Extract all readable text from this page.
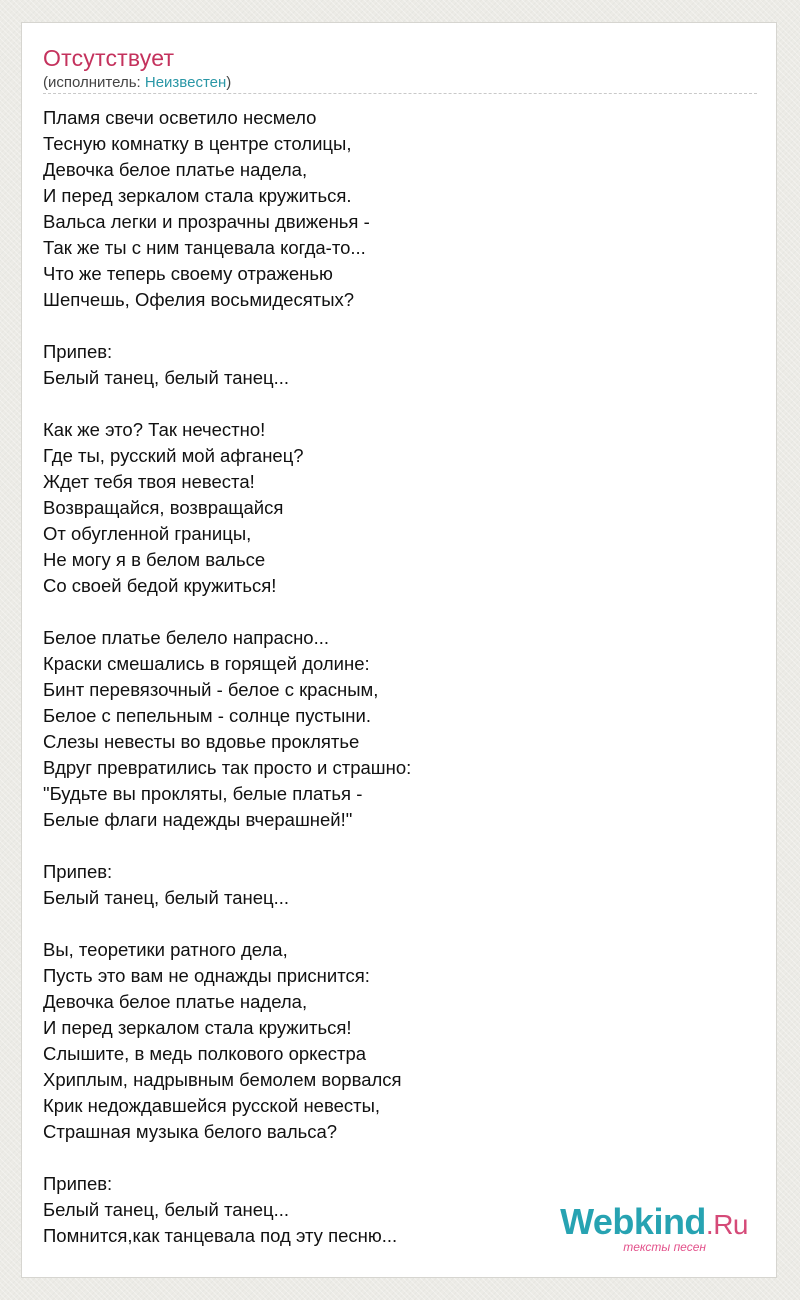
Отсутствует
(исполнитель: Неизвестен)
Пламя свечи осветило несмело
Тесную комнатку в центре столицы,
Девочка белое платье надела,
И перед зеркалом стала кружиться.
Вальса легки и прозрачны движенья -
Так же ты с ним танцевала когда-то...
Что же теперь своему отраженью
Шепчешь, Офелия восьмидесятых?
Припев:
Белый танец, белый танец...
Как же это? Так нечестно!
Где ты, русский мой афганец?
Ждет тебя твоя невеста!
Возвращайся, возвращайся
От обугленной границы,
Не могу я в белом вальсе
Со своей бедой кружиться!
Белое платье белело напрасно...
Краски смешались в горящей долине:
Бинт перевязочный - белое с красным,
Белое с пепельным - солнце пустыни.
Слезы невесты во вдовье проклятье
Вдруг превратились так просто и страшно:
"Будьте вы прокляты, белые платья -
Белые флаги надежды вчерашней!"
Припев:
Белый танец, белый танец...
Вы, теоретики ратного дела,
Пусть это вам не однажды приснится:
Девочка белое платье надела,
И перед зеркалом стала кружиться!
Слышите, в медь полкового оркестра
Хриплым, надрывным бемолем ворвался
Крик недождавшейся русской невесты,
Страшная музыка белого вальса?
Припев:
Белый танец, белый танец...
Помнится,как танцевала под эту песню...	Webkind.Ru
тексты песен
